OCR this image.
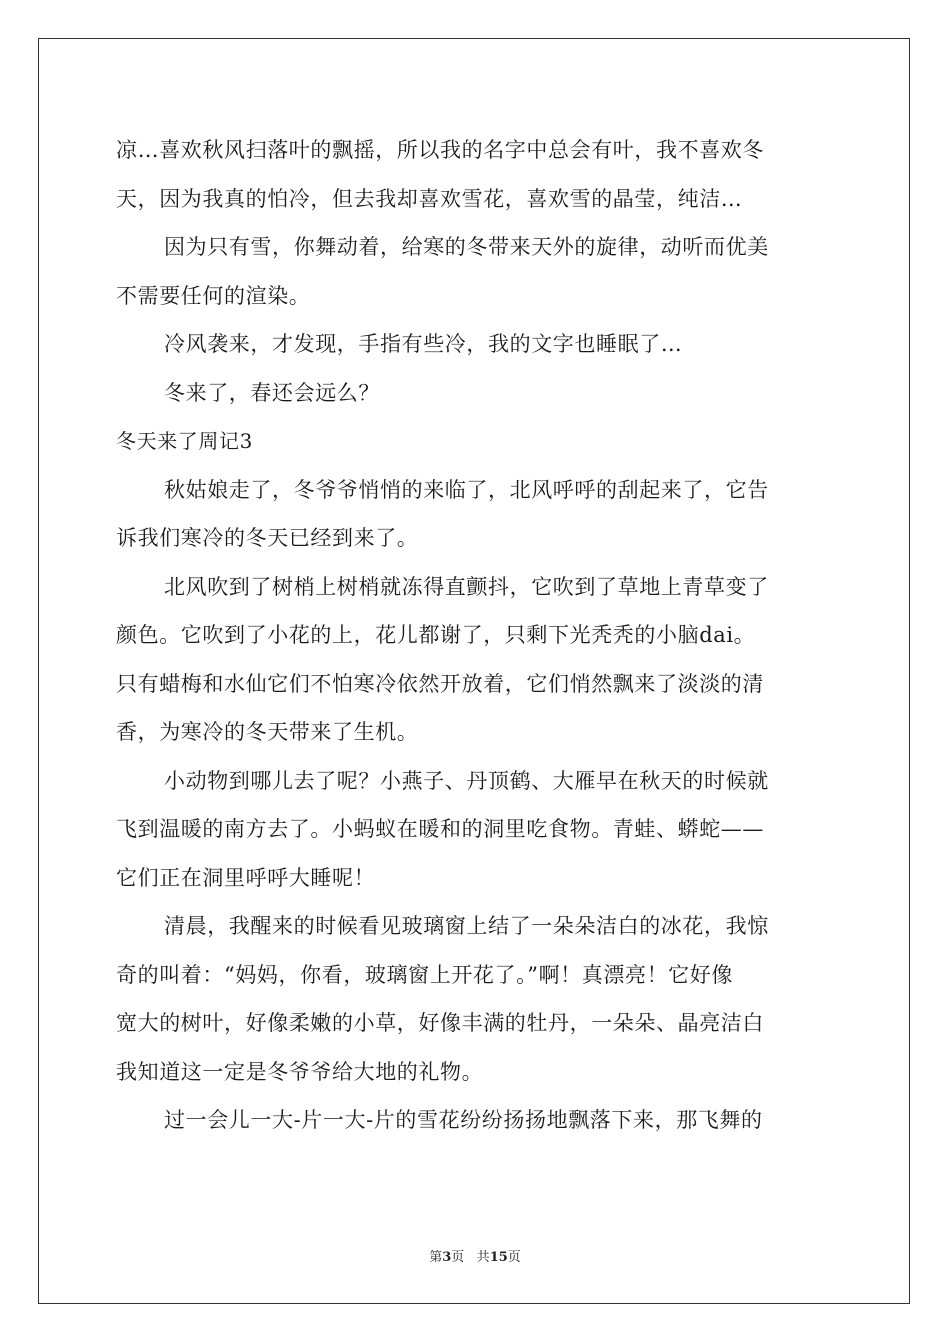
凉…喜欢秋风扫落叶的飘摇，所以我的名字中总会有叶，我不喜欢冬
天，因为我真的怕冷，但去我却喜欢雪花，喜欢雪的晶莹，纯洁…
因为只有雪，你舞动着，给寒的冬带来天外的旋律，动听而优美
不需要任何的渲染。
冷风袭来，才发现，手指有些冷，我的文字也睡眠了…
冬来了，春还会远么？
冬天来了周记3
秋姑娘走了，冬爷爷悄悄的来临了，北风呼呼的刮起来了，它告
诉我们寒冷的冬天已经到来了。
北风吹到了树梢上树梢就冻得直颤抖，它吹到了草地上青草变了
颜色。它吹到了小花的上，花儿都谢了，只剩下光秃秃的小脑dai。
只有蜡梅和水仙它们不怕寒冷依然开放着，它们悄然飘来了淡淡的清
香，为寒冷的冬天带来了生机。
小动物到哪儿去了呢？小燕子、丹顶鹤、大雁早在秋天的时候就
飞到温暖的南方去了。小蚂蚁在暖和的洞里吃食物。青蛙、蟒蛇——
它们正在洞里呼呼大睡呢！
清晨，我醒来的时候看见玻璃窗上结了一朵朵洁白的冰花，我惊
奇的叫着：“妈妈，你看，玻璃窗上开花了。”啊！真漂亮！它好像
宽大的树叶，好像柔嫩的小草，好像丰满的牡丹，一朵朵、晶亮洁白
我知道这一定是冬爷爷给大地的礼物。
过一会儿一大-片一大-片的雪花纷纷扬扬地飘落下来，那飞舞的
第3页 共15页
